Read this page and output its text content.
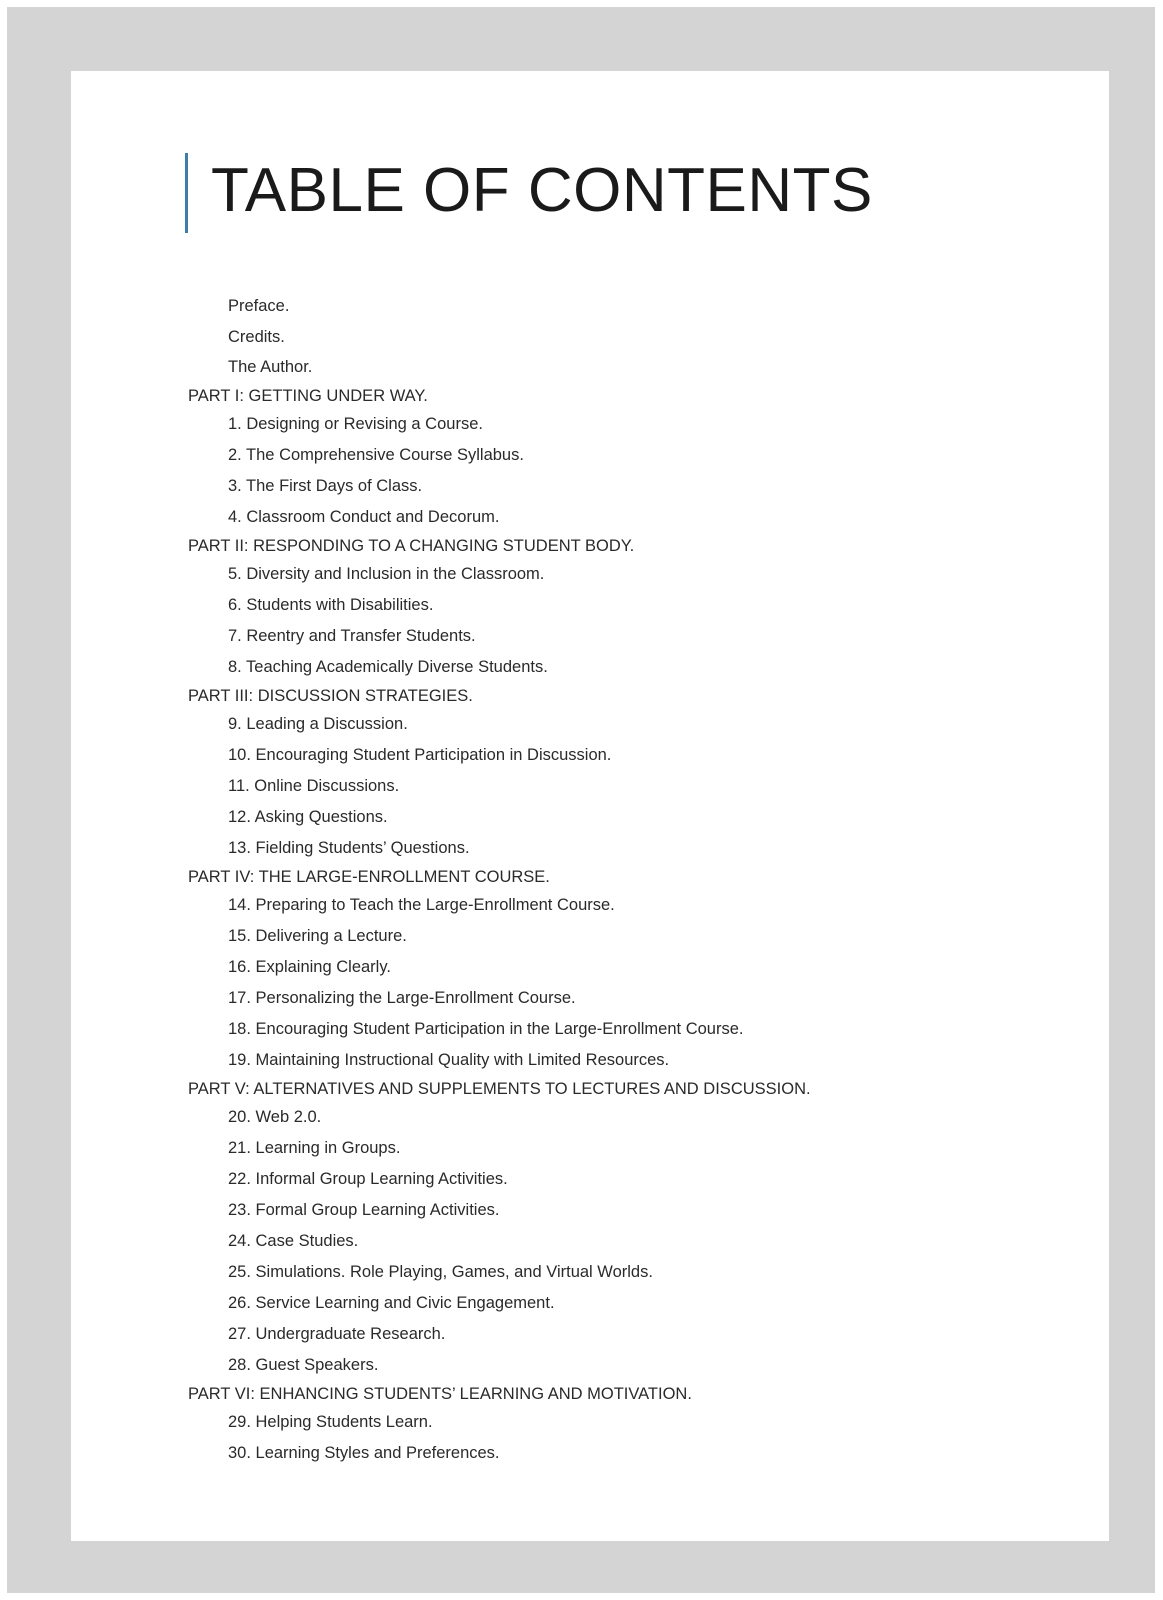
TABLE OF CONTENTS
Preface.
Credits.
The Author.
PART I: GETTING UNDER WAY.
1. Designing or Revising a Course.
2. The Comprehensive Course Syllabus.
3. The First Days of Class.
4. Classroom Conduct and Decorum.
PART II: RESPONDING TO A CHANGING STUDENT BODY.
5. Diversity and Inclusion in the Classroom.
6. Students with Disabilities.
7. Reentry and Transfer Students.
8. Teaching Academically Diverse Students.
PART III: DISCUSSION STRATEGIES.
9. Leading a Discussion.
10. Encouraging Student Participation in Discussion.
11. Online Discussions.
12. Asking Questions.
13. Fielding Students’ Questions.
PART IV: THE LARGE-ENROLLMENT COURSE.
14. Preparing to Teach the Large-Enrollment Course.
15. Delivering a Lecture.
16. Explaining Clearly.
17. Personalizing the Large-Enrollment Course.
18. Encouraging Student Participation in the Large-Enrollment Course.
19. Maintaining Instructional Quality with Limited Resources.
PART V: ALTERNATIVES AND SUPPLEMENTS TO LECTURES AND DISCUSSION.
20. Web 2.0.
21. Learning in Groups.
22. Informal Group Learning Activities.
23. Formal Group Learning Activities.
24. Case Studies.
25. Simulations. Role Playing, Games, and Virtual Worlds.
26. Service Learning and Civic Engagement.
27. Undergraduate Research.
28. Guest Speakers.
PART VI: ENHANCING STUDENTS’ LEARNING AND MOTIVATION.
29. Helping Students Learn.
30. Learning Styles and Preferences.
